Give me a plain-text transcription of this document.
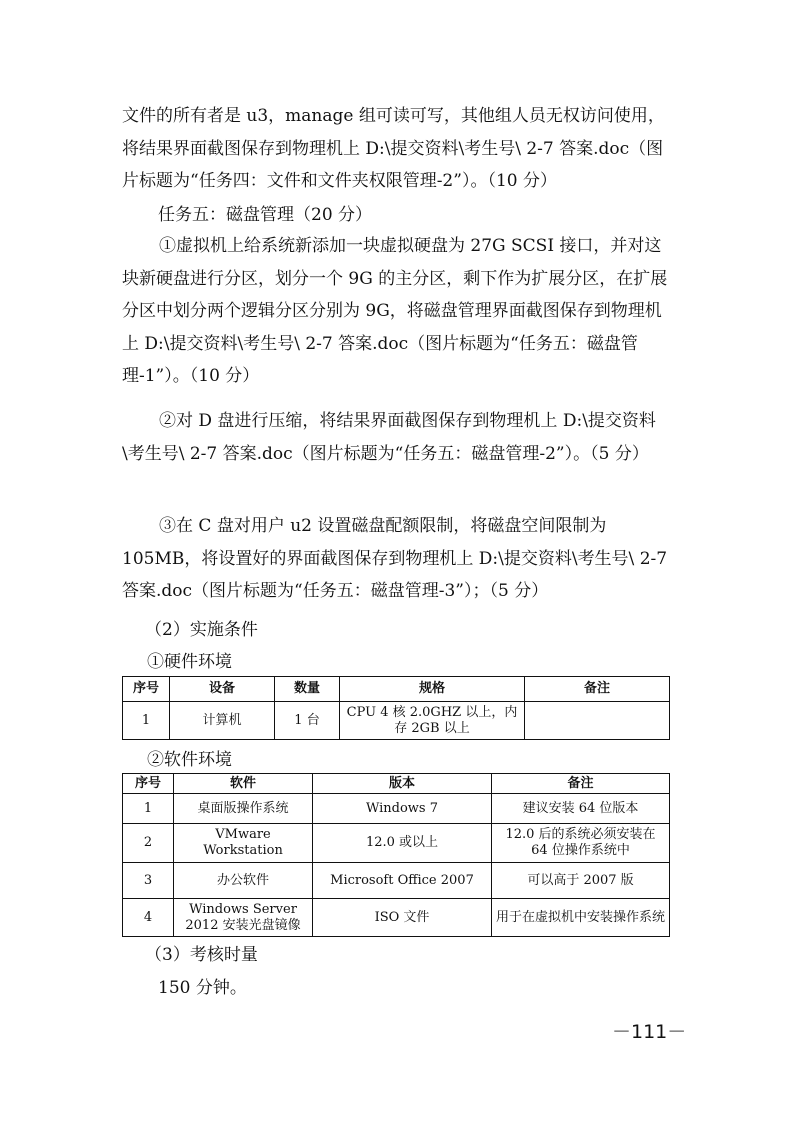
文件的所有者是 u3，manage 组可读可写，其他组人员无权访问使用，将结果界面截图保存到物理机上 D:\提交资料\考生号\ 2-7 答案.doc（图片标题为“任务四：文件和文件夹权限管理-2”）。（10 分）

任务五：磁盘管理（20 分）

①虚拟机上给系统新添加一块虚拟硬盘为 27G SCSI 接口，并对这块新硬盘进行分区，划分一个 9G 的主分区，剩下作为扩展分区，在扩展分区中划分两个逻辑分区分别为 9G，将磁盘管理界面截图保存到物理机上 D:\提交资料\考生号\ 2-7 答案.doc（图片标题为“任务五：磁盘管理-1”）。（10 分）

②对 D 盘进行压缩，将结果界面截图保存到物理机上 D:\提交资料\考生号\ 2-7 答案.doc（图片标题为“任务五：磁盘管理-2”）。（5 分）

③在 C 盘对用户 u2 设置磁盘配额限制，将磁盘空间限制为 105MB，将设置好的界面截图保存到物理机上 D:\提交资料\考生号\ 2-7 答案.doc（图片标题为“任务五：磁盘管理-3”）；（5 分）

（2）实施条件

①硬件环境

序号	设备	数量	规格	备注
1	计算机	1 台	CPU 4 核 2.0GHZ 以上，内存 2GB 以上	

②软件环境

序号	软件	版本	备注
1	桌面版操作系统	Windows 7	建议安装 64 位版本
2	VMware Workstation	12.0 或以上	12.0 后的系统必须安装在 64 位操作系统中
3	办公软件	Microsoft Office 2007	可以高于 2007 版
4	Windows Server 2012 安装光盘镜像	ISO 文件	用于在虚拟机中安装操作系统

（3）考核时量

150 分钟。

－111－
